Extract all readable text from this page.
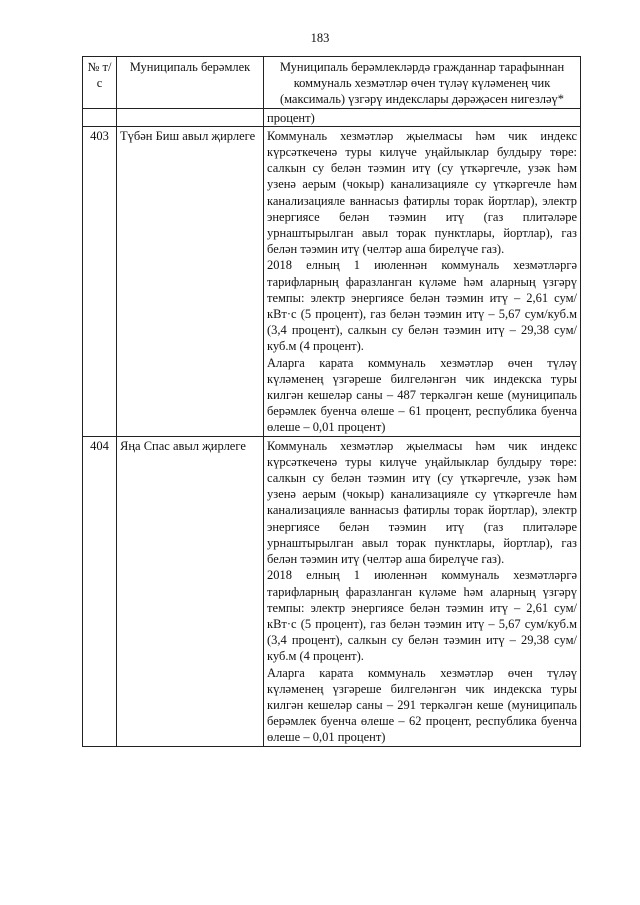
183
№ т/с	Муниципаль берәмлек	Муниципаль берәмлекләрдә гражданнар тарафыннан коммуналь хезмәтләр өчен түләү күләменең чик (максималь) үзгәрү индекслары дәрәҗәсен нигезләү*
		процент)
403	Түбән Биш авыл җирлеге	Коммуналь хезмәтләр җыелмасы һәм чик индекс күрсәткеченә туры килүче уңайлыклар булдыру төре: салкын су белән тәэмин итү (су үткәргечле, узәк һәм узенә аерым (чокыр) канализацияле су үткәргечле һәм канализацияле ваннасыз фатирлы торак йортлар), электр энергиясе белән тәэмин итү (газ плитәләре урнаштырылган авыл торак пунктлары, йортлар), газ белән тәэмин итү (челтәр аша бирелүче газ).

2018 елның 1 июленнән коммуналь хезмәтләргә тарифларның фаразланган күләме һәм аларның үзгәрү темпы: электр энергиясе белән тәэмин итү – 2,61 сум/кВт·с (5 процент), газ белән тәэмин итү – 5,67 сум/куб.м (3,4 процент), салкын су белән тәэмин итү – 29,38 сум/куб.м (4 процент).

Аларга карата коммуналь хезмәтләр өчен түләү күләменең үзгәреше билгеләнгән чик индекска туры килгән кешеләр саны – 487 теркәлгән кеше (муниципаль берәмлек буенча өлеше – 61 процент, республика буенча өлеше – 0,01 процент)

404	Яңа Спас авыл җирлеге	Коммуналь хезмәтләр җыелмасы һәм чик индекс күрсәткеченә туры килүче уңайлыклар булдыру төре: салкын су белән тәэмин итү (су үткәргечле, узәк һәм узенә аерым (чокыр) канализацияле су үткәргечле һәм канализацияле ваннасыз фатирлы торак йортлар), электр энергиясе белән тәэмин итү (газ плитәләре урнаштырылган авыл торак пунктлары, йортлар), газ белән тәэмин итү (челтәр аша бирелүче газ).

2018 елның 1 июленнән коммуналь хезмәтләргә тарифларның фаразланган күләме һәм аларның үзгәрү темпы: электр энергиясе белән тәэмин итү – 2,61 сум/кВт·с (5 процент), газ белән тәэмин итү – 5,67 сум/куб.м (3,4 процент), салкын су белән тәэмин итү – 29,38 сум/куб.м (4 процент).

Аларга карата коммуналь хезмәтләр өчен түләү күләменең үзгәреше билгеләнгән чик индекска туры килгән кешеләр саны – 291 теркәлгән кеше (муниципаль берәмлек буенча өлеше – 62 процент, республика буенча өлеше – 0,01 процент)
